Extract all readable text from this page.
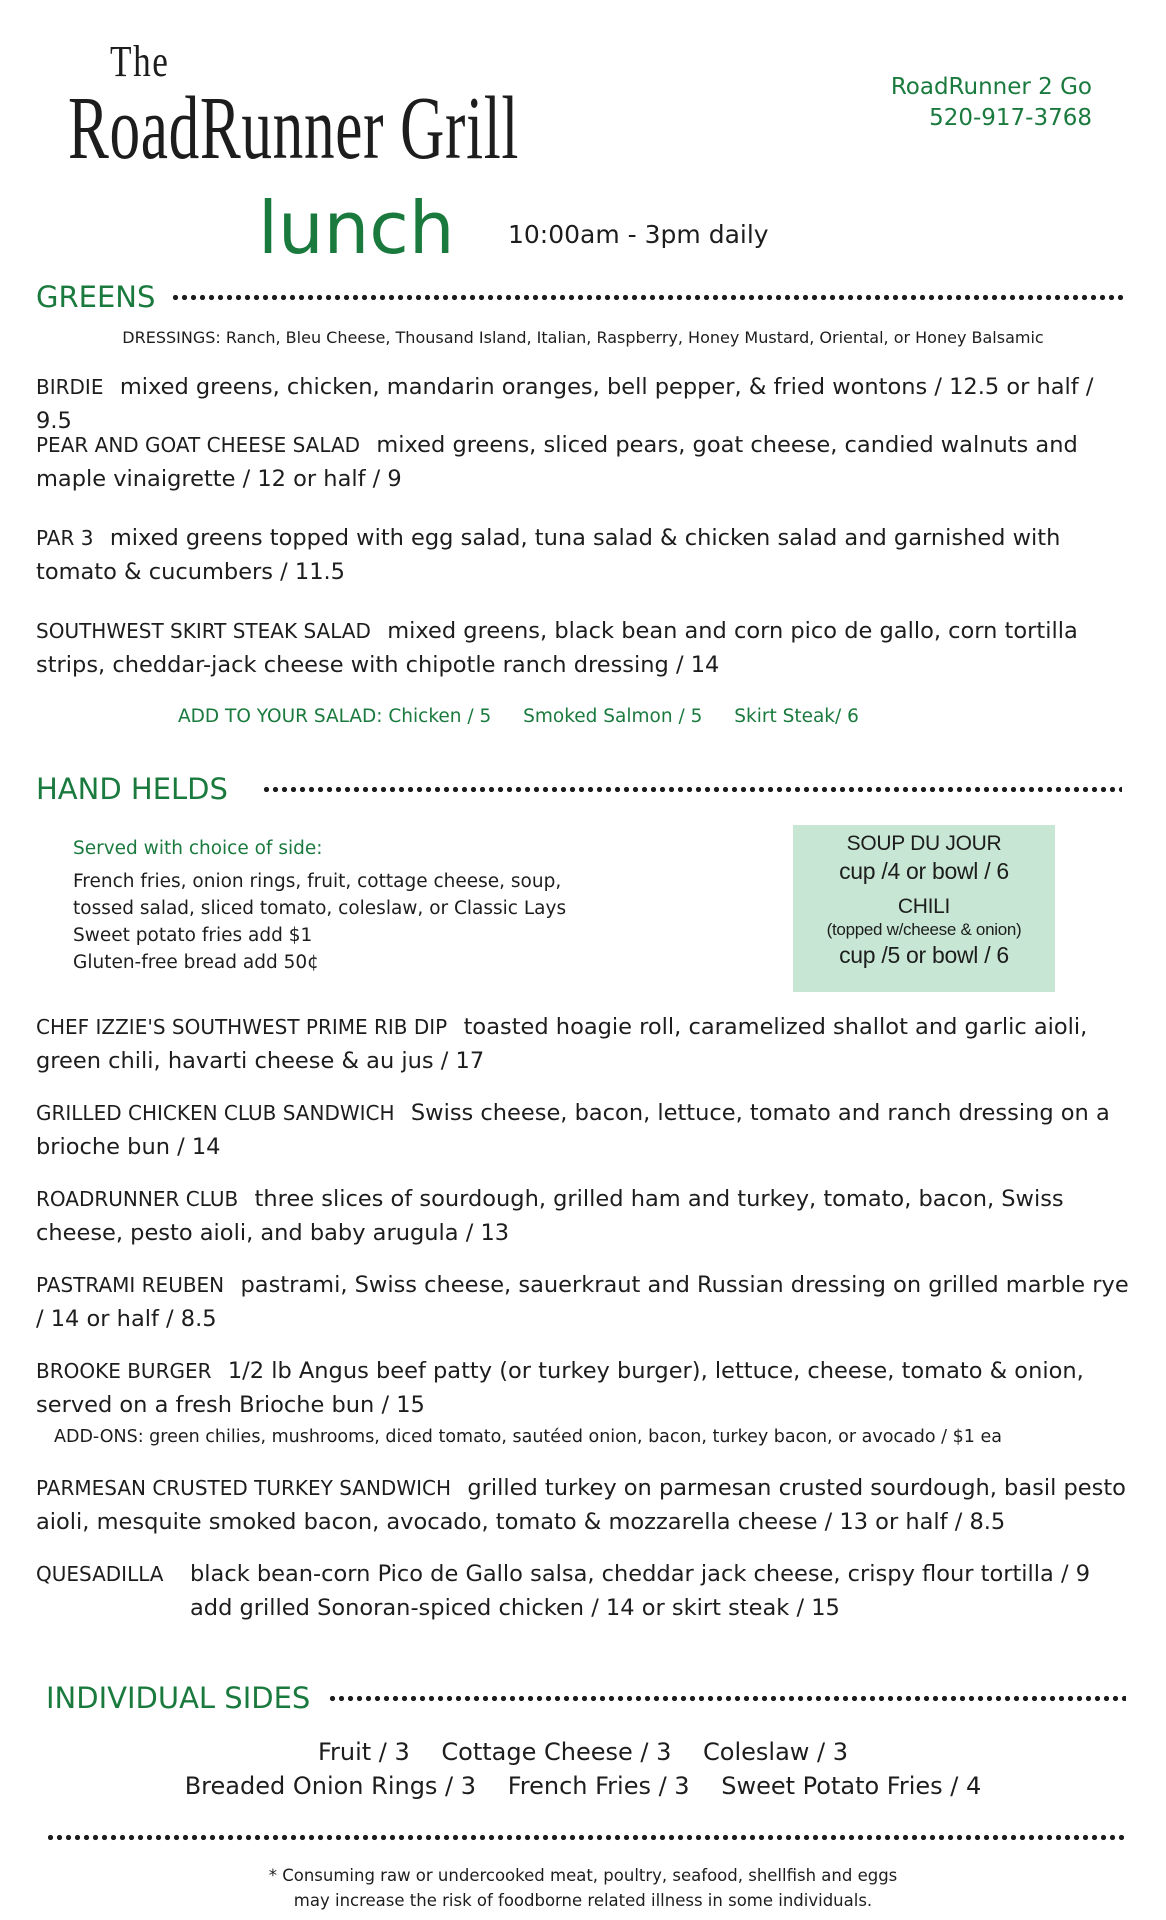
The
RoadRunner Grill	RoadRunner 2 Go
520-917-3768
lunch 10:00am - 3pm daily
GREENS
DRESSINGS: Ranch, Bleu Cheese, Thousand Island, Italian, Raspberry, Honey Mustard, Oriental, or Honey Balsamic
BIRDIE mixed greens, chicken, mandarin oranges, bell pepper, & fried wontons / 12.5 or half / 9.5
PEAR AND GOAT CHEESE SALAD mixed greens, sliced pears, goat cheese, candied walnuts and maple vinaigrette / 12 or half / 9
PAR 3 mixed greens topped with egg salad, tuna salad & chicken salad and garnished with tomato & cucumbers / 11.5
SOUTHWEST SKIRT STEAK SALAD mixed greens, black bean and corn pico de gallo, corn tortilla strips, cheddar-jack cheese with chipotle ranch dressing / 14
ADD TO YOUR SALAD: Chicken / 5 Smoked Salmon / 5 Skirt Steak/ 6
HAND HELDS
Served with choice of side:
French fries, onion rings, fruit, cottage cheese, soup,
tossed salad, sliced tomato, coleslaw, or Classic Lays
Sweet potato fries add $1
Gluten-free bread add 50¢
SOUP DU JOUR
cup /4 or bowl / 6
CHILI
(topped w/cheese & onion)
cup /5 or bowl / 6
CHEF IZZIE'S SOUTHWEST PRIME RIB DIP toasted hoagie roll, caramelized shallot and garlic aioli, green chili, havarti cheese & au jus / 17
GRILLED CHICKEN CLUB SANDWICH Swiss cheese, bacon, lettuce, tomato and ranch dressing on a brioche bun / 14
ROADRUNNER CLUB three slices of sourdough, grilled ham and turkey, tomato, bacon, Swiss cheese, pesto aioli, and baby arugula / 13
PASTRAMI REUBEN pastrami, Swiss cheese, sauerkraut and Russian dressing on grilled marble rye / 14 or half / 8.5
BROOKE BURGER 1/2 lb Angus beef patty (or turkey burger), lettuce, cheese, tomato & onion, served on a fresh Brioche bun / 15
ADD-ONS: green chilies, mushrooms, diced tomato, sautéed onion, bacon, turkey bacon, or avocado / $1 ea
PARMESAN CRUSTED TURKEY SANDWICH grilled turkey on parmesan crusted sourdough, basil pesto aioli, mesquite smoked bacon, avocado, tomato & mozzarella cheese / 13 or half / 8.5
QUESADILLA	black bean-corn Pico de Gallo salsa, cheddar jack cheese, crispy flour tortilla / 9
add grilled Sonoran-spiced chicken / 14 or skirt steak / 15
INDIVIDUAL SIDES
Fruit / 3 Cottage Cheese / 3 Coleslaw / 3
Breaded Onion Rings / 3 French Fries / 3 Sweet Potato Fries / 4
* Consuming raw or undercooked meat, poultry, seafood, shellfish and eggs
may increase the risk of foodborne related illness in some individuals.
